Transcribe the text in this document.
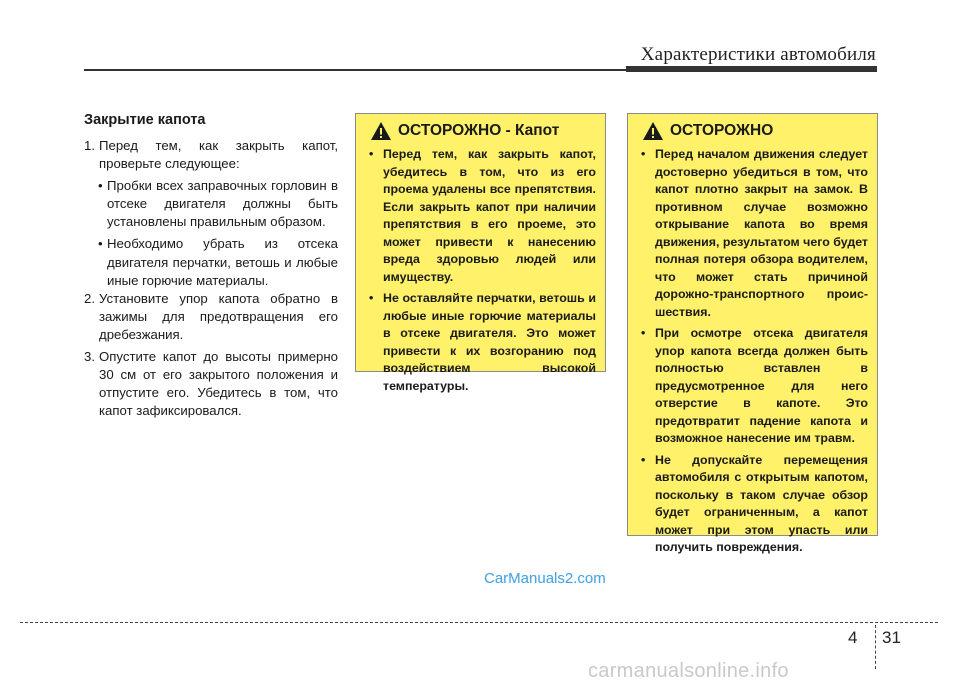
Характеристики автомобиля
Закрытие капота

1. Перед тем, как закрыть капот, проверьте следующее:

• Пробки всех заправочных горловин в отсеке двигателя должны быть установлены правильным образом.

• Необходимо убрать из отсека двигателя перчатки, ветошь и любые иные горючие материалы.

2. Установите упор капота обратно в зажимы для предотвращения его дребезжания.

3. Опустите капот до высоты примерно 30 см от его закрытого положения и отпустите его. Убедитесь в том, что капот зафиксировался.

ОСТОРОЖНО - Капот

• Перед тем, как закрыть капот, убедитесь в том, что из его проема удалены все препятствия. Если закрыть капот при наличии препятствия в его проеме, это может привести к нанесению вреда здоровью людей или имуществу.

• Не оставляйте перчатки, ветошь и любые иные горючие материалы в отсеке двигателя. Это может привести к их возгоранию под воздействием высокой температуры.

ОСТОРОЖНО

• Перед началом движения следует достоверно убедиться в том, что капот плотно закрыт на замок. В противном случае возможно открывание капота во время движения, результатом чего будет полная потеря обзора водителем, что может стать причиной дорожно-транспортного проис-шествия.

• При осмотре отсека двигателя упор капота всегда должен быть полностью вставлен в предусмотренное для него отверстие в капоте. Это предотвратит падение капота и возможное нанесение им травм.

• Не допускайте перемещения автомобиля с открытым капотом, поскольку в таком случае обзор будет ограниченным, а капот может при этом упасть или получить повреждения.

CarManuals2.com
4 31
carmanualsonline.info
